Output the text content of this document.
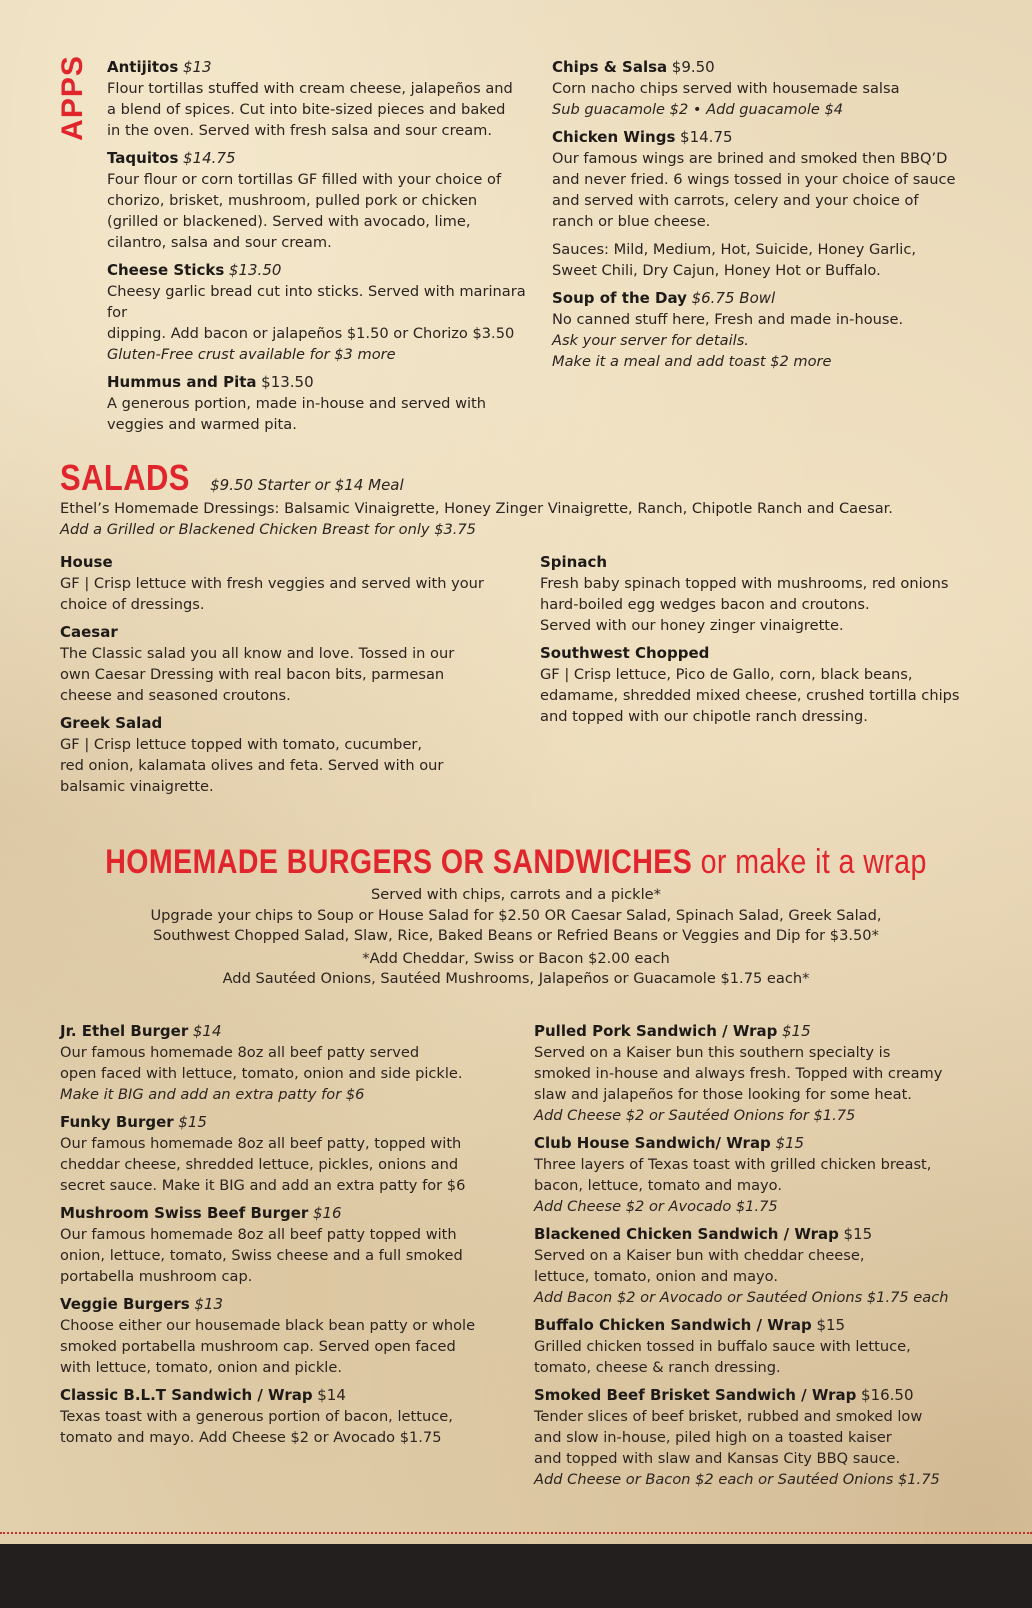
APPS Antijitos $13

Flour tortillas stuffed with cream cheese, jalapeños and

a blend of spices. Cut into bite-sized pieces and baked

in the oven. Served with fresh salsa and sour cream.

Taquitos $14.75

Four flour or corn tortillas GF filled with your choice of

chorizo, brisket, mushroom, pulled pork or chicken

(grilled or blackened). Served with avocado, lime,

cilantro, salsa and sour cream.

Cheese Sticks $13.50

Cheesy garlic bread cut into sticks. Served with marinara for

dipping. Add bacon or jalapeños $1.50 or Chorizo $3.50

Gluten-Free crust available for $3 more

Hummus and Pita $13.50

A generous portion, made in-house and served with

veggies and warmed pita.

Chips & Salsa $9.50

Corn nacho chips served with housemade salsa

Sub guacamole $2 • Add guacamole $4

Chicken Wings $14.75

Our famous wings are brined and smoked then BBQ’D

and never fried. 6 wings tossed in your choice of sauce

and served with carrots, celery and your choice of

ranch or blue cheese.

Sauces: Mild, Medium, Hot, Suicide, Honey Garlic,

Sweet Chili, Dry Cajun, Honey Hot or Buffalo.

Soup of the Day $6.75 Bowl

No canned stuff here, Fresh and made in-house.

Ask your server for details.

Make it a meal and add toast $2 more

SALADS $9.50 Starter or $14 Meal

Ethel’s Homemade Dressings: Balsamic Vinaigrette, Honey Zinger Vinaigrette, Ranch, Chipotle Ranch and Caesar.

Add a Grilled or Blackened Chicken Breast for only $3.75

House

GF | Crisp lettuce with fresh veggies and served with your

choice of dressings.

Caesar

The Classic salad you all know and love. Tossed in our

own Caesar Dressing with real bacon bits, parmesan

cheese and seasoned croutons.

Greek Salad

GF | Crisp lettuce topped with tomato, cucumber,

red onion, kalamata olives and feta. Served with our

balsamic vinaigrette.

Spinach

Fresh baby spinach topped with mushrooms, red onions

hard-boiled egg wedges bacon and croutons.

Served with our honey zinger vinaigrette.

Southwest Chopped

GF | Crisp lettuce, Pico de Gallo, corn, black beans,

edamame, shredded mixed cheese, crushed tortilla chips

and topped with our chipotle ranch dressing.

HOMEMADE BURGERS OR SANDWICHES or make it a wrap

Served with chips, carrots and a pickle*

Upgrade your chips to Soup or House Salad for $2.50 OR Caesar Salad, Spinach Salad, Greek Salad,

Southwest Chopped Salad, Slaw, Rice, Baked Beans or Refried Beans or Veggies and Dip for $3.50*

*Add Cheddar, Swiss or Bacon $2.00 each

Add Sautéed Onions, Sautéed Mushrooms, Jalapeños or Guacamole $1.75 each*

Jr. Ethel Burger $14

Our famous homemade 8oz all beef patty served

open faced with lettuce, tomato, onion and side pickle.

Make it BIG and add an extra patty for $6

Funky Burger $15

Our famous homemade 8oz all beef patty, topped with

cheddar cheese, shredded lettuce, pickles, onions and

secret sauce. Make it BIG and add an extra patty for $6

Mushroom Swiss Beef Burger $16

Our famous homemade 8oz all beef patty topped with

onion, lettuce, tomato, Swiss cheese and a full smoked

portabella mushroom cap.

Veggie Burgers $13

Choose either our housemade black bean patty or whole

smoked portabella mushroom cap. Served open faced

with lettuce, tomato, onion and pickle.

Classic B.L.T Sandwich / Wrap $14

Texas toast with a generous portion of bacon, lettuce,

tomato and mayo. Add Cheese $2 or Avocado $1.75

Pulled Pork Sandwich / Wrap $15

Served on a Kaiser bun this southern specialty is

smoked in-house and always fresh. Topped with creamy

slaw and jalapeños for those looking for some heat.

Add Cheese $2 or Sautéed Onions for $1.75

Club House Sandwich/ Wrap $15

Three layers of Texas toast with grilled chicken breast,

bacon, lettuce, tomato and mayo.

Add Cheese $2 or Avocado $1.75

Blackened Chicken Sandwich / Wrap $15

Served on a Kaiser bun with cheddar cheese,

lettuce, tomato, onion and mayo.

Add Bacon $2 or Avocado or Sautéed Onions $1.75 each

Buffalo Chicken Sandwich / Wrap $15

Grilled chicken tossed in buffalo sauce with lettuce,

tomato, cheese & ranch dressing.

Smoked Beef Brisket Sandwich / Wrap $16.50

Tender slices of beef brisket, rubbed and smoked low

and slow in-house, piled high on a toasted kaiser

and topped with slaw and Kansas City BBQ sauce.

Add Cheese or Bacon $2 each or Sautéed Onions $1.75
